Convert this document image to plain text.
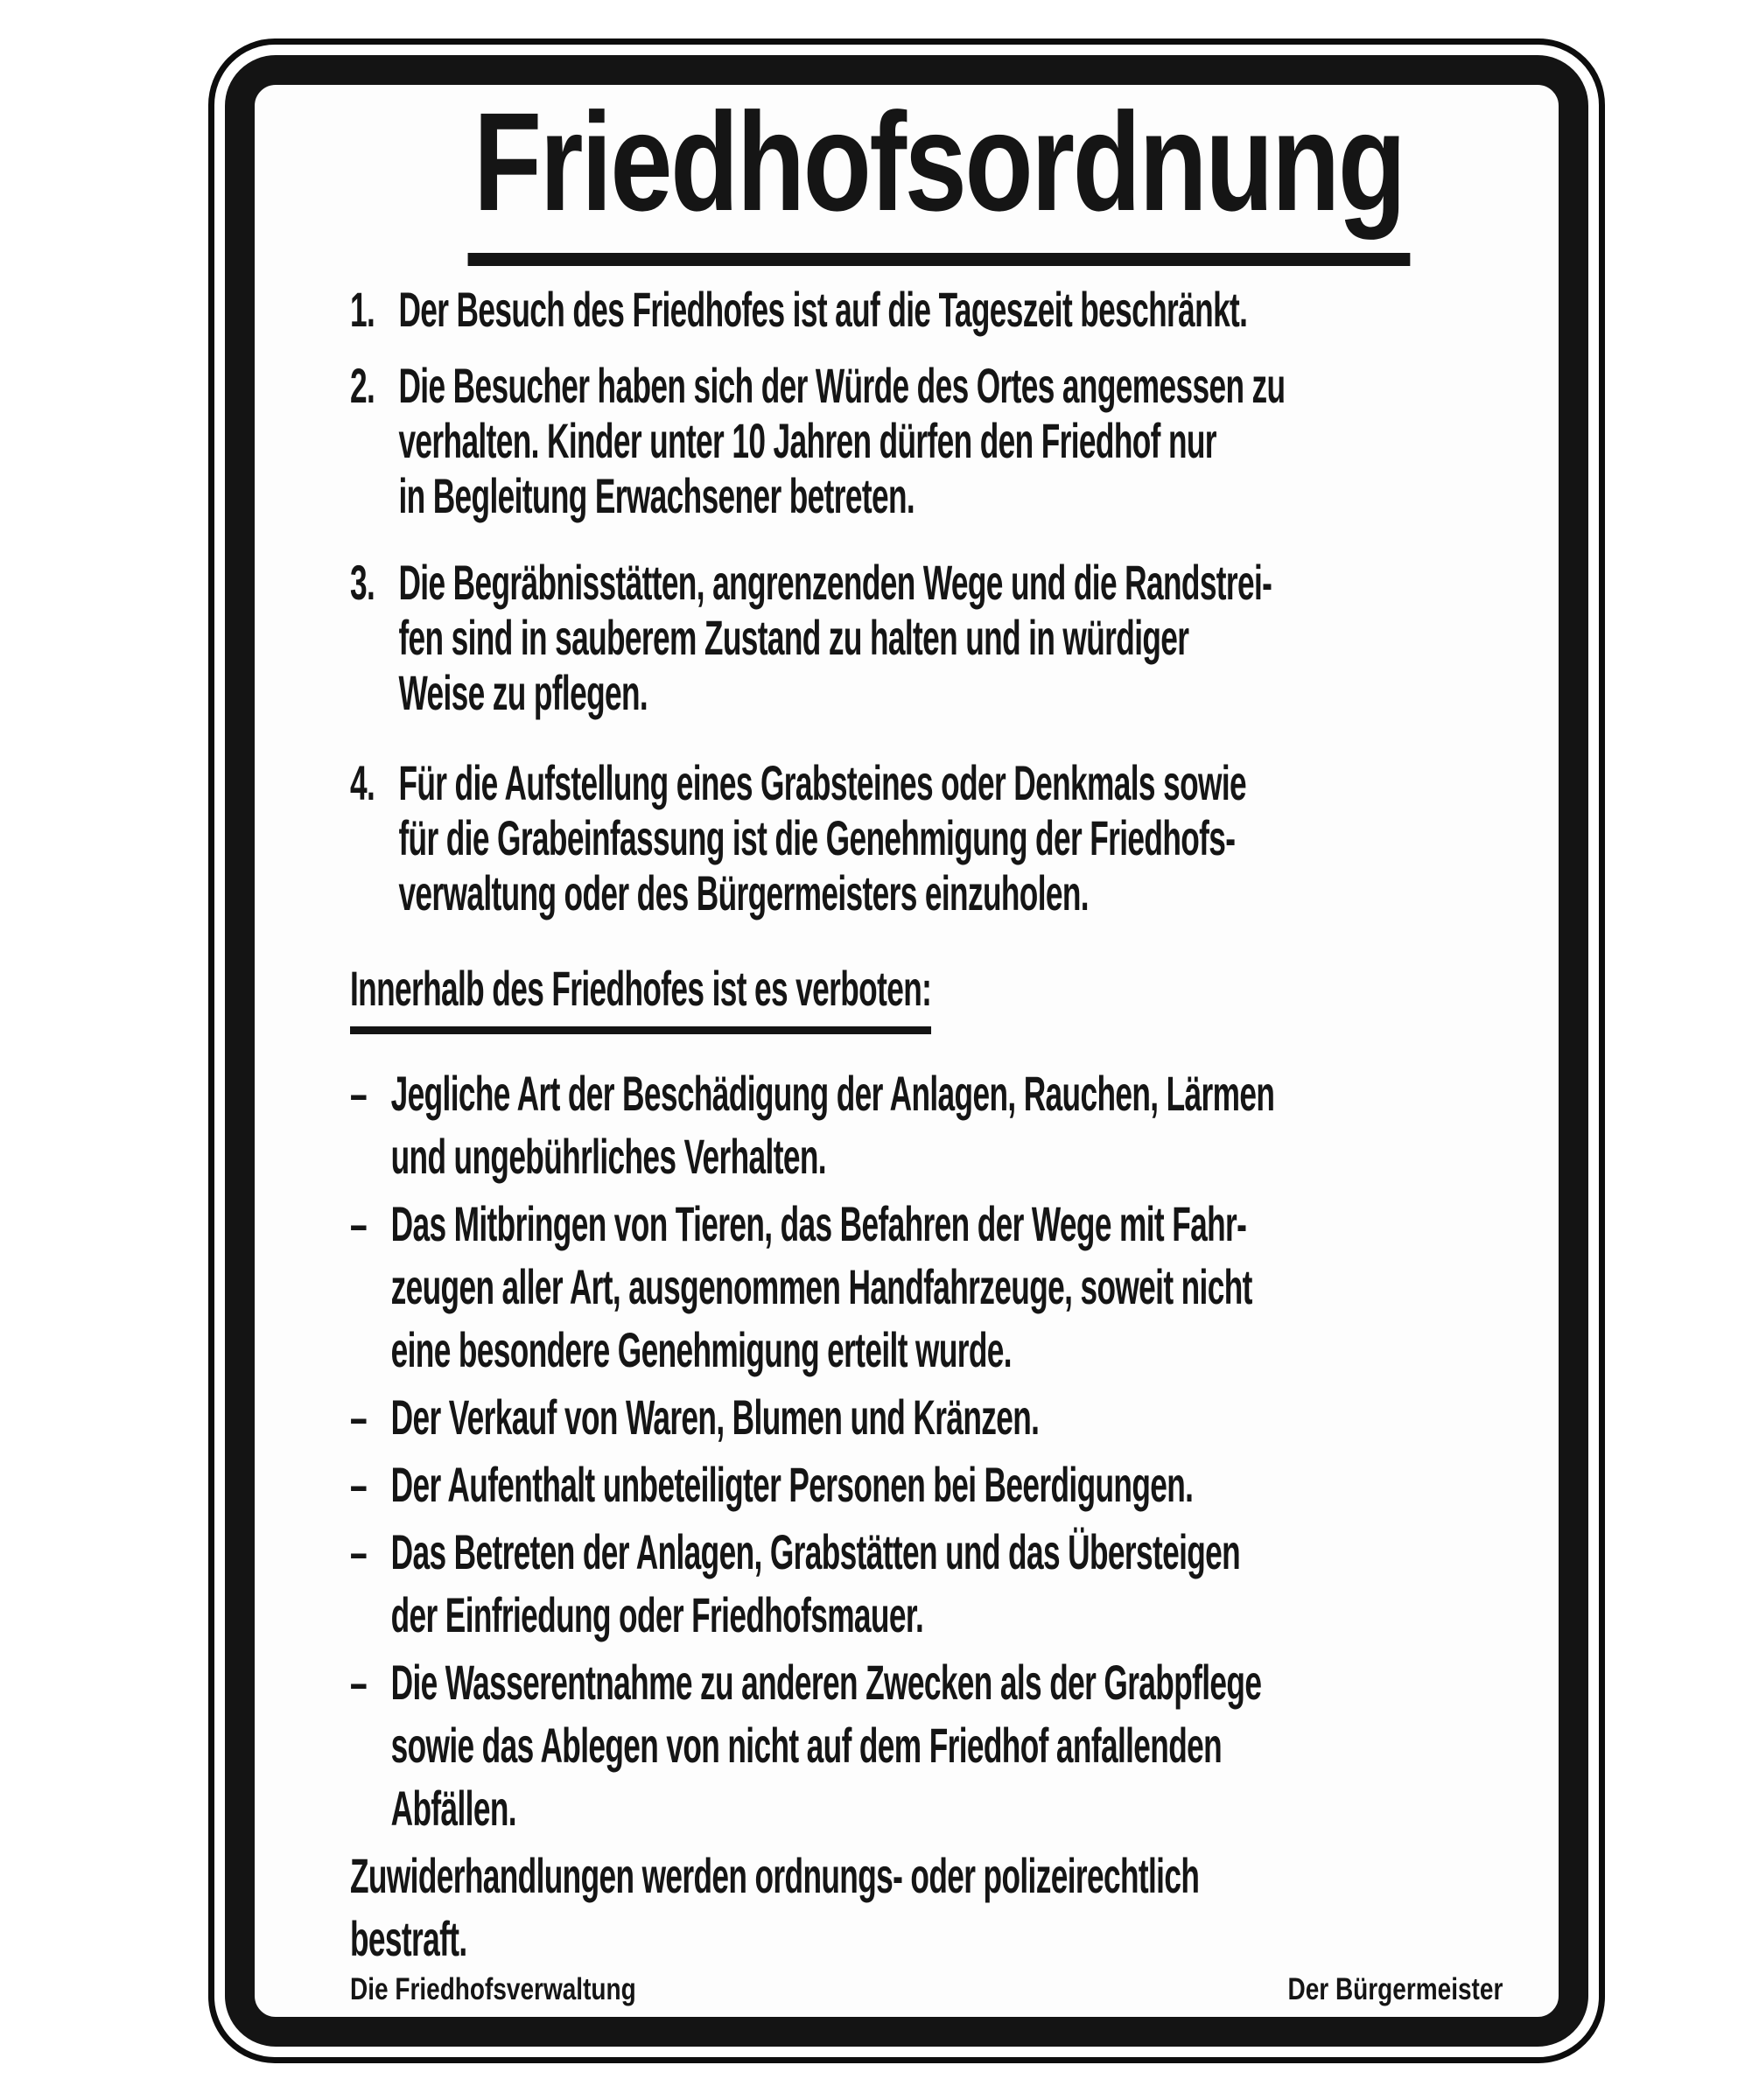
Friedhofsordnung
1. Der Besuch des Friedhofes ist auf die Tageszeit beschränkt.
2. Die Besucher haben sich der Würde des Ortes angemessen zu
verhalten. Kinder unter 10 Jahren dürfen den Friedhof nur
in Begleitung Erwachsener betreten.
3. Die Begräbnisstätten, angrenzenden Wege und die Randstrei-
fen sind in sauberem Zustand zu halten und in würdiger
Weise zu pflegen.
4. Für die Aufstellung eines Grabsteines oder Denkmals sowie
für die Grabeinfassung ist die Genehmigung der Friedhofs-
verwaltung oder des Bürgermeisters einzuholen.
Innerhalb des Friedhofes ist es verboten:
– Jegliche Art der Beschädigung der Anlagen, Rauchen, Lärmen
und ungebührliches Verhalten.
– Das Mitbringen von Tieren, das Befahren der Wege mit Fahr-
zeugen aller Art, ausgenommen Handfahrzeuge, soweit nicht
eine besondere Genehmigung erteilt wurde.
– Der Verkauf von Waren, Blumen und Kränzen.
– Der Aufenthalt unbeteiligter Personen bei Beerdigungen.
– Das Betreten der Anlagen, Grabstätten und das Übersteigen
der Einfriedung oder Friedhofsmauer.
– Die Wasserentnahme zu anderen Zwecken als der Grabpflege
sowie das Ablegen von nicht auf dem Friedhof anfallenden
Abfällen.
Zuwiderhandlungen werden ordnungs- oder polizeirechtlich
bestraft.
Die Friedhofsverwaltung	Der Bürgermeister
